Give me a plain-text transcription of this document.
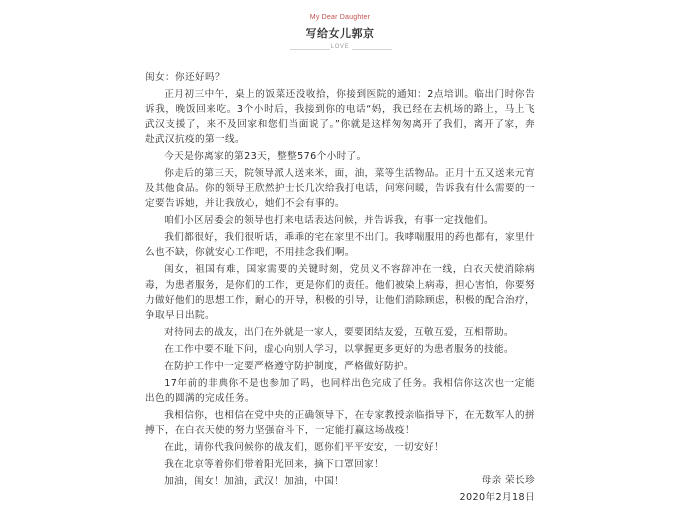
My Dear Daughter
写给女儿郭京
LOVE

闺女：你还好吗？

正月初三中午，桌上的饭菜还没收拾，你接到医院的通知：2点培训。临出门时你告诉我，晚饭回来吃。3个小时后，我接到你的电话“妈，我已经在去机场的路上，马上飞武汉支援了，来不及回家和您们当面说了。”你就是这样匆匆离开了我们，离开了家，奔赴武汉抗疫的第一线。

今天是你离家的第23天，整整576个小时了。

你走后的第三天，院领导派人送来米，面，油，菜等生活物品。正月十五又送来元宵及其他食品。你的领导王欣然护士长几次给我打电话，问寒问暖，告诉我有什么需要的一定要告诉她，并让我放心，她们不会有事的。

咱们小区居委会的领导也打来电话表达问候，并告诉我，有事一定找他们。

我们都很好，我们很听话，乖乖的宅在家里不出门。我哮喘服用的药也都有，家里什么也不缺，你就安心工作吧，不用挂念我们啊。

闺女，祖国有难，国家需要的关键时刻，党员义不容辞冲在一线，白衣天使消除病毒，为患者服务，是你们的工作，更是你们的责任。他们被染上病毒，担心害怕，你要努力做好他们的思想工作，耐心的开导，积极的引导，让他们消除顾虑，积极的配合治疗，争取早日出院。

对待同去的战友，出门在外就是一家人，要要团结友爱，互敬互爱，互相帮助。

在工作中要不耻下问，虚心向别人学习，以掌握更多更好的为患者服务的技能。

在防护工作中一定要严格遵守防护制度，严格做好防护。

17年前的非典你不是也参加了吗，也同样出色完成了任务。我相信你这次也一定能出色的圆满的完成任务。

我相信你，也相信在党中央的正确领导下，在专家教授亲临指导下，在无数军人的拼搏下，在白衣天使的努力坚强奋斗下，一定能打赢这场战疫！

在此，请你代我问候你的战友们，愿你们平平安安，一切安好！

我在北京等着你们带着阳光回来，摘下口罩回家！

加油，闺女！加油，武汉！加油，中国！	母亲 荣长珍
2020年2月18日
